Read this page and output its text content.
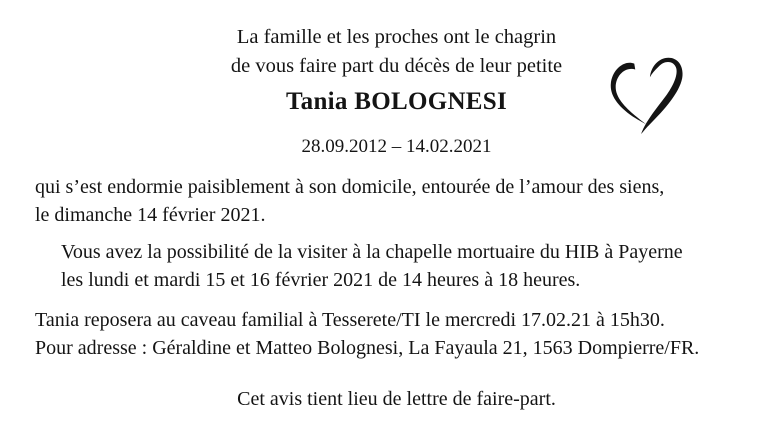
La famille et les proches ont le chagrin
de vous faire part du décès de leur petite
Tania BOLOGNESI
28.09.2012 – 14.02.2021
qui s’est endormie paisiblement à son domicile, entourée de l’amour des siens,
le dimanche 14 février 2021.
Vous avez la possibilité de la visiter à la chapelle mortuaire du HIB à Payerne
les lundi et mardi 15 et 16 février 2021 de 14 heures à 18 heures.
Tania reposera au caveau familial à Tesserete/TI le mercredi 17.02.21 à 15h30.
Pour adresse : Géraldine et Matteo Bolognesi, La Fayaula 21, 1563 Dompierre/FR.
Cet avis tient lieu de lettre de faire-part.
